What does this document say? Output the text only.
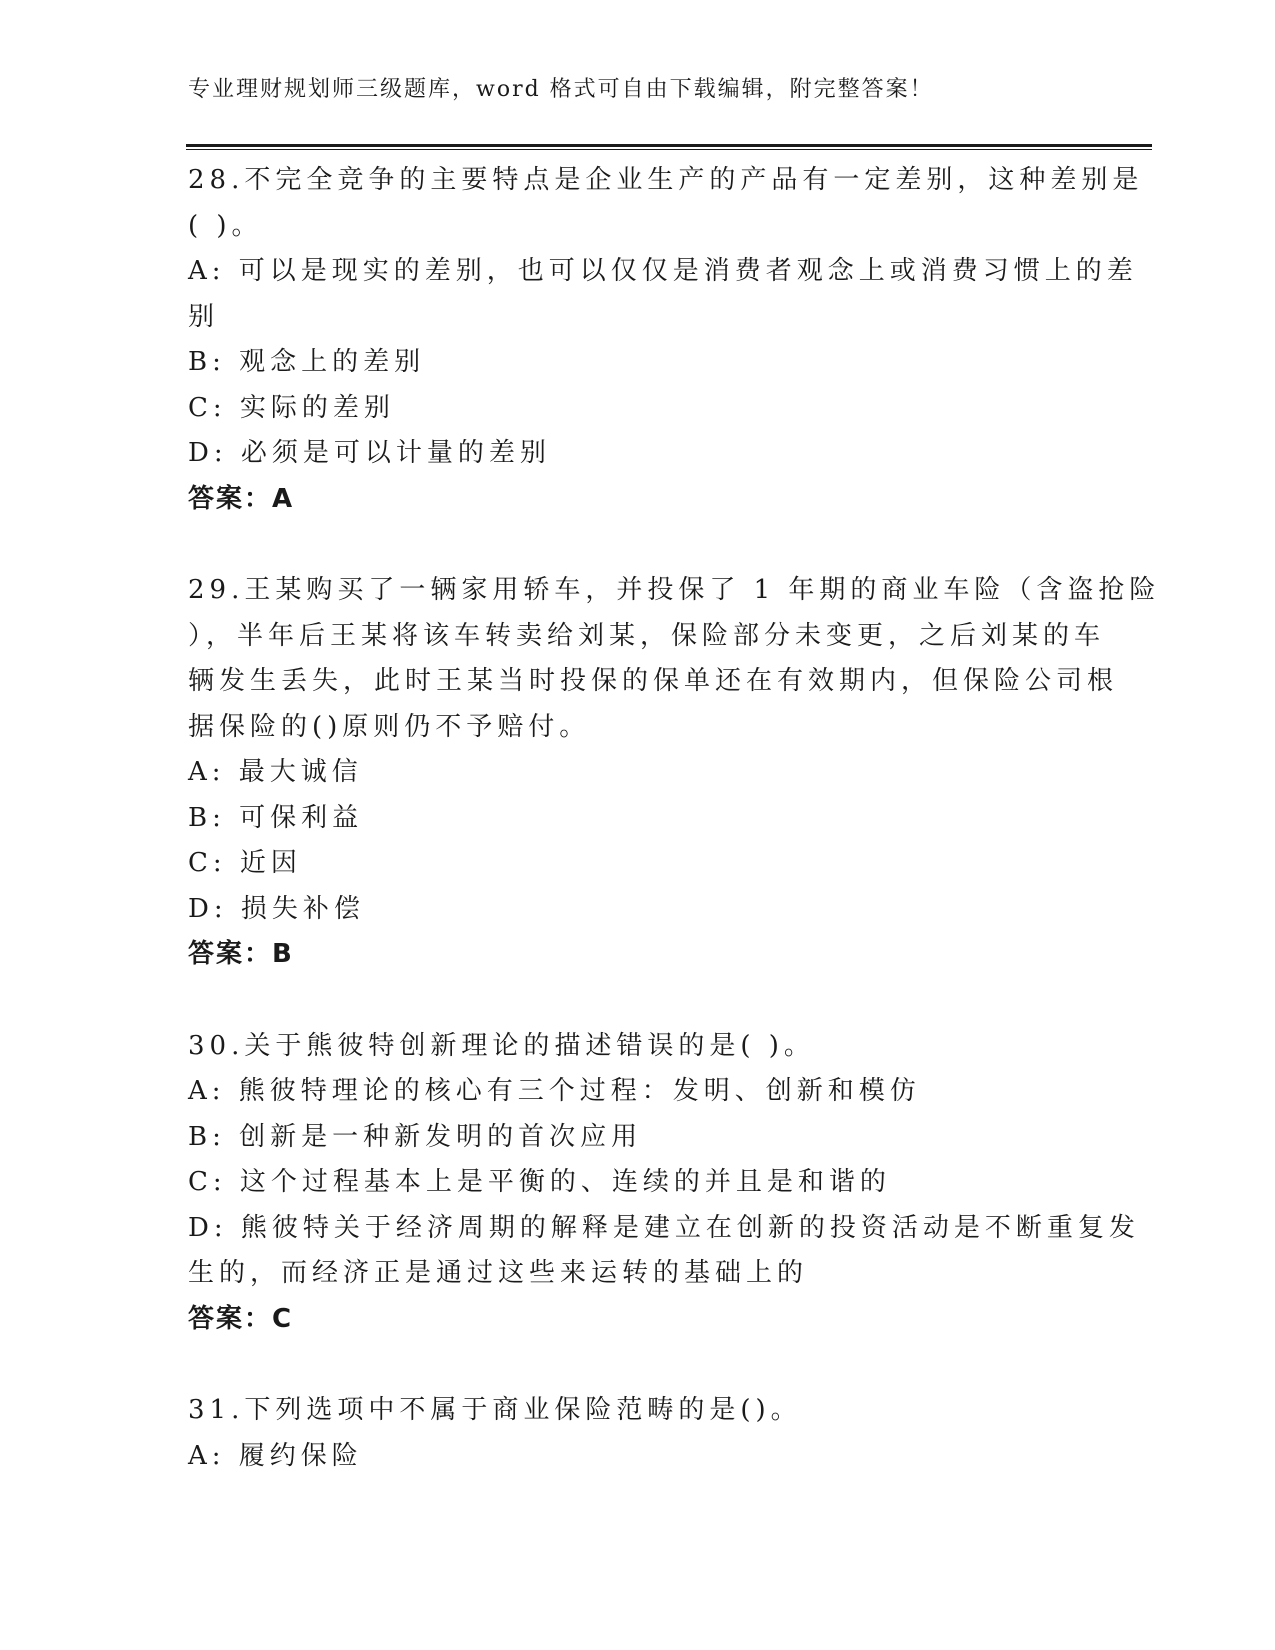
专业理财规划师三级题库，word 格式可自由下载编辑，附完整答案！
28.不完全竞争的主要特点是企业生产的产品有一定差别，这种差别是
( )。
A: 可以是现实的差别，也可以仅仅是消费者观念上或消费习惯上的差
别
B: 观念上的差别
C: 实际的差别
D: 必须是可以计量的差别
答案：A
29.王某购买了一辆家用轿车，并投保了 1 年期的商业车险（含盗抢险
），半年后王某将该车转卖给刘某，保险部分未变更，之后刘某的车
辆发生丢失，此时王某当时投保的保单还在有效期内，但保险公司根
据保险的()原则仍不予赔付。
A: 最大诚信
B: 可保利益
C: 近因
D: 损失补偿
答案：B
30.关于熊彼特创新理论的描述错误的是( )。
A: 熊彼特理论的核心有三个过程：发明、创新和模仿
B: 创新是一种新发明的首次应用
C: 这个过程基本上是平衡的、连续的并且是和谐的
D: 熊彼特关于经济周期的解释是建立在创新的投资活动是不断重复发
生的，而经济正是通过这些来运转的基础上的
答案：C
31.下列选项中不属于商业保险范畴的是()。
A: 履约保险
